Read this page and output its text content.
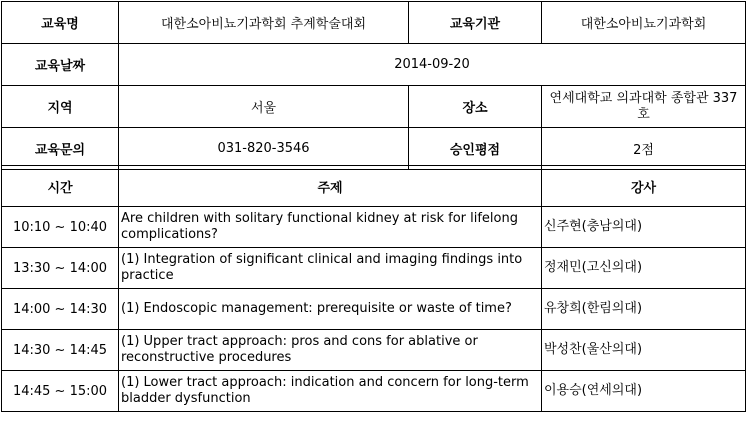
교육명	대한소아비뇨기과학회 추계학술대회	교육기관	대한소아비뇨기과학회
교육날짜	2014-09-20		
지역	서울	장소	연세대학교 의과대학 종합관 337호
교육문의	031-820-3546	승인평점	2점
시간	주제	강사
10:10 ~ 10:40	Are children with solitary functional kidney at risk for lifelong complications?	신주현(충남의대)
13:30 ~ 14:00	(1) Integration of significant clinical and imaging findings into practice	정재민(고신의대)
14:00 ~ 14:30	(1) Endoscopic management: prerequisite or waste of time?	유창희(한림의대)
14:30 ~ 14:45	(1) Upper tract approach: pros and cons for ablative or reconstructive procedures	박성찬(울산의대)
14:45 ~ 15:00	(1) Lower tract approach: indication and concern for long-term bladder dysfunction	이용승(연세의대)
